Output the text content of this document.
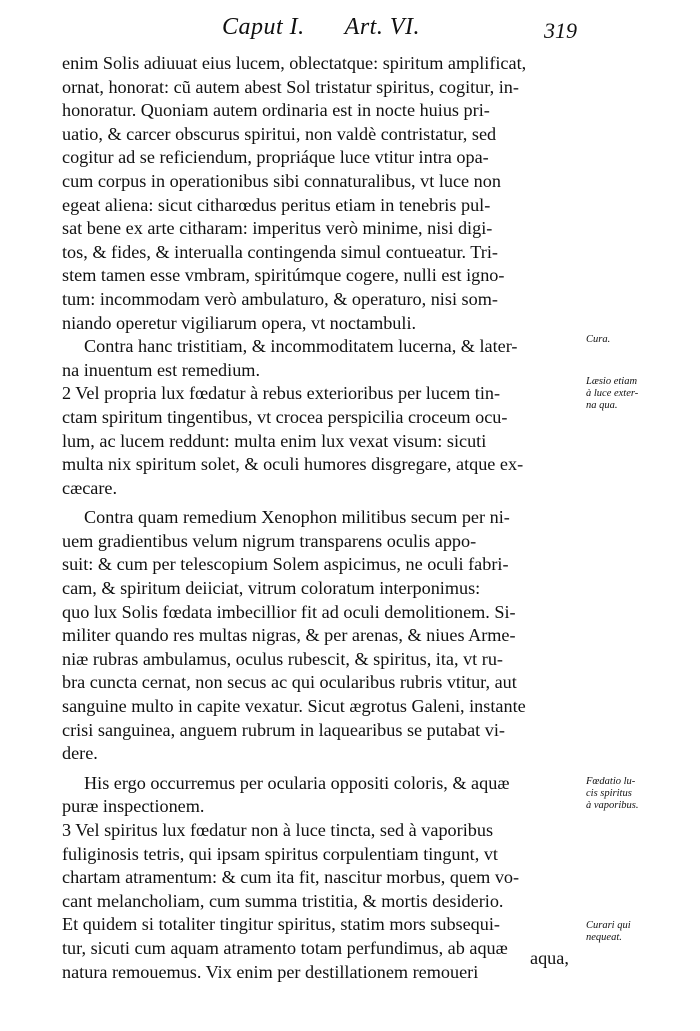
Caput I. Art. VI.	319
enim Solis adiuuat eius lucem, oblectatque: spiritum amplificat,
ornat, honorat: cũ autem abest Sol tristatur spiritus, cogitur, in-
honoratur. Quoniam autem ordinaria est in nocte huius pri-
uatio, & carcer obscurus spiritui, non valdè contristatur, sed
cogitur ad se reficiendum, propriáque luce vtitur intra opa-
cum corpus in operationibus sibi connaturalibus, vt luce non
egeat aliena: sicut citharœdus peritus etiam in tenebris pul-
sat bene ex arte citharam: imperitus verò minime, nisi digi-
tos, & fides, & interualla contingenda simul contueatur. Tri-
stem tamen esse vmbram, spiritúmque cogere, nulli est igno-
tum: incommodam verò ambulaturo, & operaturo, nisi som-
niando operetur vigiliarum opera, vt noctambuli.
Contra hanc tristitiam, & incommoditatem lucerna, & later-
na inuentum est remedium.
2 Vel propria lux fœdatur à rebus exterioribus per lucem tin-
ctam spiritum tingentibus, vt crocea perspicilia croceum ocu-
lum, ac lucem reddunt: multa enim lux vexat visum: sicuti
multa nix spiritum solet, & oculi humores disgregare, atque ex-
cæcare.
Contra quam remedium Xenophon militibus secum per ni-
uem gradientibus velum nigrum transparens oculis appo-
suit: & cum per telescopium Solem aspicimus, ne oculi fabri-
cam, & spiritum deiiciat, vitrum coloratum interponimus:
quo lux Solis fœdata imbecillior fit ad oculi demolitionem. Si-
militer quando res multas nigras, & per arenas, & niues Arme-
niæ rubras ambulamus, oculus rubescit, & spiritus, ita, vt ru-
bra cuncta cernat, non secus ac qui ocularibus rubris vtitur, aut
sanguine multo in capite vexatur. Sicut ægrotus Galeni, instante
crisi sanguinea, anguem rubrum in laquearibus se putabat vi-
dere.
His ergo occurremus per ocularia oppositi coloris, & aquæ
puræ inspectionem.
3 Vel spiritus lux fœdatur non à luce tincta, sed à vaporibus
fuliginosis tetris, qui ipsam spiritus corpulentiam tingunt, vt
chartam atramentum: & cum ita fit, nascitur morbus, quem vo-
cant melancholiam, cum summa tristitia, & mortis desiderio.
Et quidem si totaliter tingitur spiritus, statim mors subsequi-
tur, sicuti cum aquam atramento totam perfundimus, ab aquæ
natura remouemus. Vix enim per destillationem remoueri
Cura.
Læsio etiam
à luce exter-
na qua.
Fœdatio lu-
cis spiritus
à vaporibus.
Curari qui
nequeat.
aqua,
